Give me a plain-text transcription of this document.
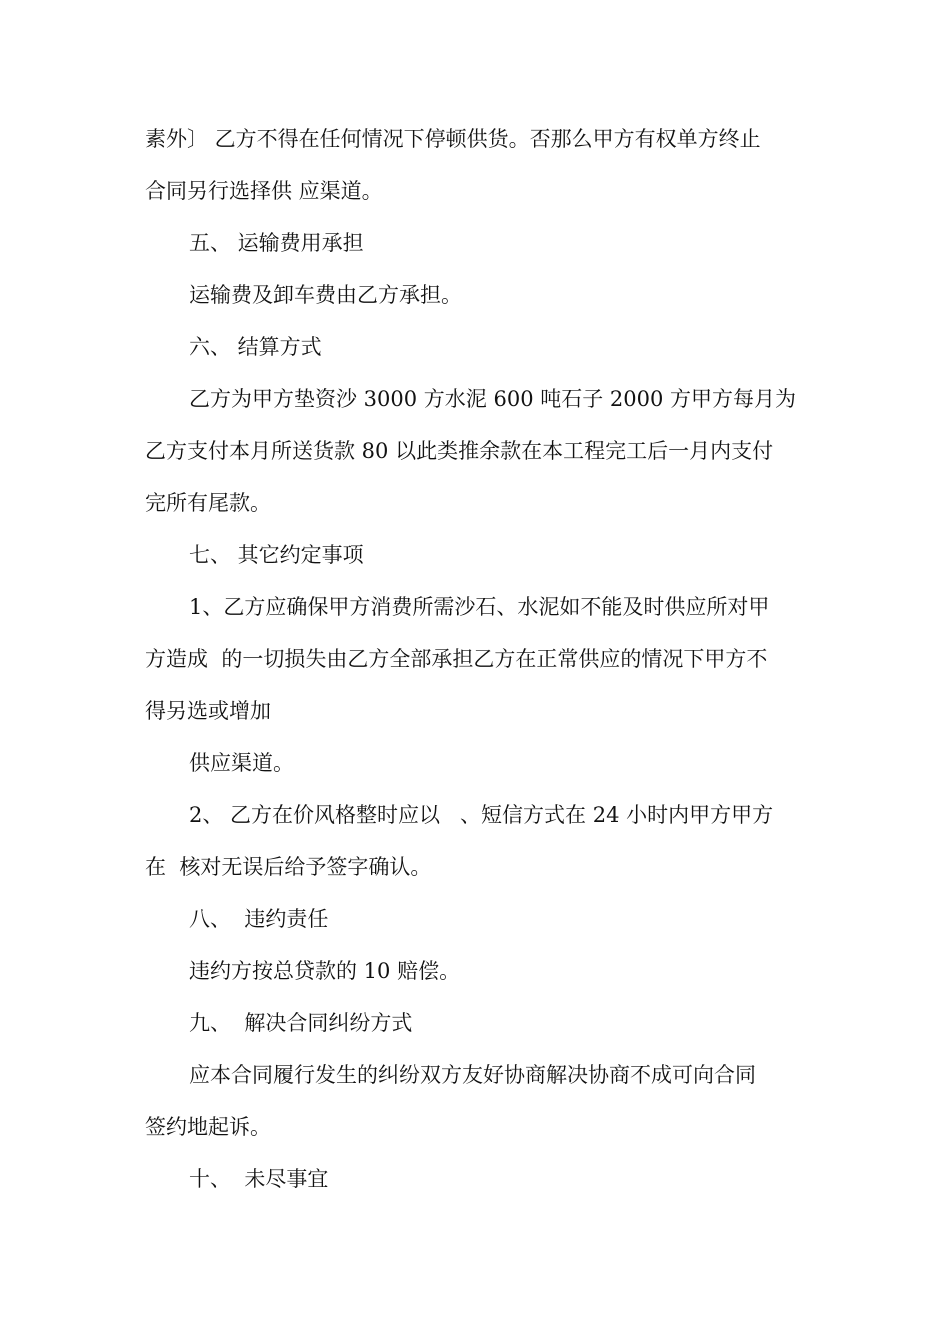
素外〕 乙方不得在任何情况下停顿供货。否那么甲方有权单方终止
合同另行选择供 应渠道。
五、 运输费用承担
运输费及卸车费由乙方承担。
六、 结算方式
乙方为甲方垫资沙 3000 方水泥 600 吨石子 2000 方甲方每月为
乙方支付本月所送货款 80 以此类推余款在本工程完工后一月内支付
完所有尾款。
七、 其它约定事项
1、乙方应确保甲方消费所需沙石、水泥如不能及时供应所对甲
方造成  的一切损失由乙方全部承担乙方在正常供应的情况下甲方不
得另选或增加
供应渠道。
2、 乙方在价风格整时应以   、短信方式在 24 小时内甲方甲方
在  核对无误后给予签字确认。
八、  违约责任
违约方按总贷款的 10 赔偿。
九、  解决合同纠纷方式
应本合同履行发生的纠纷双方友好协商解决协商不成可向合同
签约地起诉。
十、  未尽事宜
